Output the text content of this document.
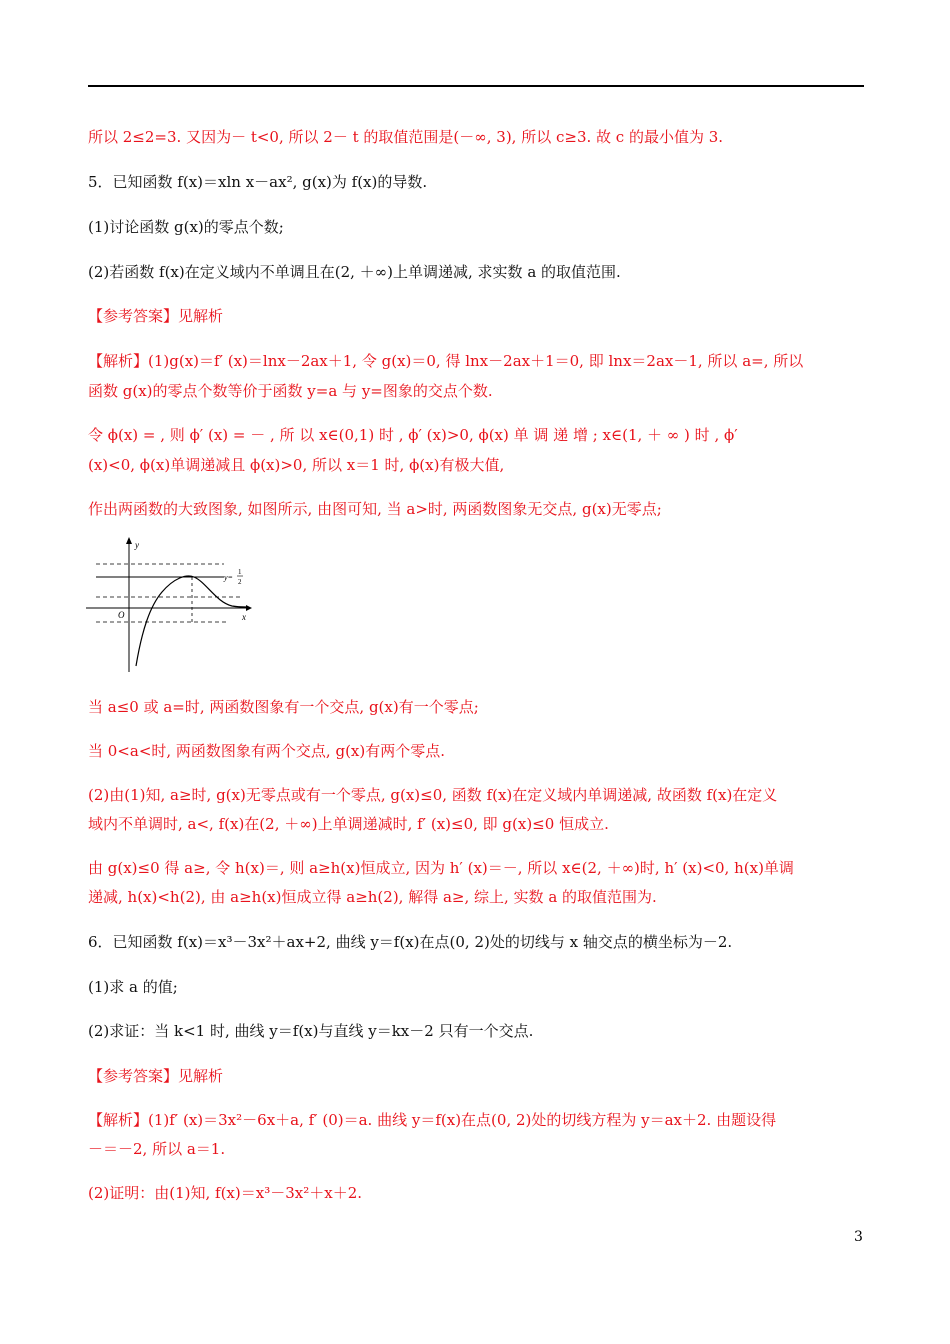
所以 2≤2=3. 又因为－ t<0, 所以 2－ t 的取值范围是(－∞, 3), 所以 c≥3. 故 c 的最小值为 3.
5．已知函数 f(x)＝xln x－ax², g(x)为 f(x)的导数.
(1)讨论函数 g(x)的零点个数;
(2)若函数 f(x)在定义域内不单调且在(2, ＋∞)上单调递减, 求实数 a 的取值范围.
【参考答案】见解析
【解析】(1)g(x)＝f′ (x)＝lnx－2ax＋1, 令 g(x)＝0, 得 lnx－2ax＋1＝0, 即 lnx＝2ax－1, 所以 a=, 所以
函数 g(x)的零点个数等价于函数 y=a 与 y=图象的交点个数.
令 ϕ(x) = , 则 ϕ′ (x) = － , 所 以 x∈(0,1) 时 , ϕ′ (x)>0, ϕ(x) 单 调 递 增 ; x∈(1, ＋ ∞ ) 时 , ϕ′
(x)<0, ϕ(x)单调递减且 ϕ(x)>0, 所以 x＝1 时, ϕ(x)有极大值,
作出两函数的大致图象, 如图所示, 由图可知, 当 a>时, 两函数图象无交点, g(x)无零点;
y
x
O
y=
1
2
当 a≤0 或 a=时, 两函数图象有一个交点, g(x)有一个零点;
当 0<a<时, 两函数图象有两个交点, g(x)有两个零点.
(2)由(1)知, a≥时, g(x)无零点或有一个零点, g(x)≤0, 函数 f(x)在定义域内单调递减, 故函数 f(x)在定义
域内不单调时, a<, f(x)在(2, ＋∞)上单调递减时, f′ (x)≤0, 即 g(x)≤0 恒成立.
由 g(x)≤0 得 a≥, 令 h(x)＝, 则 a≥h(x)恒成立, 因为 h′ (x)＝－, 所以 x∈(2, ＋∞)时, h′ (x)<0, h(x)单调
递减, h(x)<h(2), 由 a≥h(x)恒成立得 a≥h(2), 解得 a≥, 综上, 实数 a 的取值范围为.
6．已知函数 f(x)＝x³－3x²＋ax+2, 曲线 y＝f(x)在点(0, 2)处的切线与 x 轴交点的横坐标为－2.
(1)求 a 的值;
(2)求证：当 k<1 时, 曲线 y＝f(x)与直线 y＝kx－2 只有一个交点.
【参考答案】见解析
【解析】(1)f′ (x)＝3x²－6x＋a, f′ (0)＝a. 曲线 y＝f(x)在点(0, 2)处的切线方程为 y＝ax＋2. 由题设得
－＝－2, 所以 a＝1.
(2)证明：由(1)知, f(x)＝x³－3x²＋x＋2.
3
